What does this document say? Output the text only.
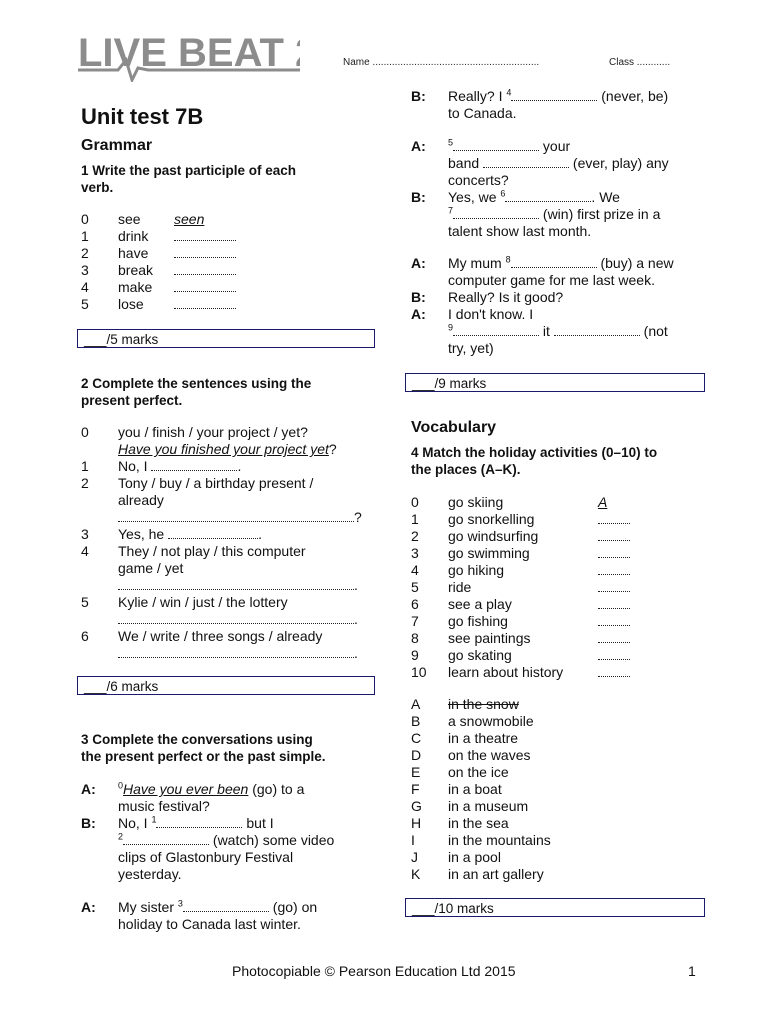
LIVE BEAT 2	Name ............................................................	Class ............
Unit test 7B
Grammar
1 Write the past participle of each
verb.
0 see seen
1 drink
2 have
3 break
4 make
5 lose
___/5 marks
2 Complete the sentences using the
present perfect.
0 you / finish / your project / yet?
Have you finished your project yet?
1 No, I	.
2 Tony / buy / a birthday present /
already
?
3 Yes, he	.
4 They / not play / this computer
game / yet
.
5 Kylie / win / just / the lottery
.
6 We / write / three songs / already
.
___/6 marks
3 Complete the conversations using
the present perfect or the past simple.
A: $^0$Have you ever been (go) to a
music festival?
B: No, I $^1$	but I
$^2$	(watch) some video
clips of Glastonbury Festival
yesterday.
A: My sister $^3$	(go) on
holiday to Canada last winter.
B: Really? I $^4$	(never, be)
to Canada.
A: $^5$	your
band	(ever, play) any
concerts?
B: Yes, we $^6$	. We
$^7$	(win) first prize in a
talent show last month.
A: My mum $^8$	(buy) a new
computer game for me last week.
B: Really? Is it good?
A: I don't know. I
$^9$	it	(not
try, yet)
___/9 marks
Vocabulary
4 Match the holiday activities (0–10) to
the places (A–K).
0 go skiing	A
1 go snorkelling
2 go windsurfing
3 go swimming
4 go hiking
5 ride
6 see a play
7 go fishing
8 see paintings
9 go skating
10 learn about history
A in the snow
B a snowmobile
C in a theatre
D on the waves
E on the ice
F in a boat
G in a museum
H in the sea
I in the mountains
J in a pool
K in an art gallery
___/10 marks
Photocopiable © Pearson Education Ltd 2015	1
